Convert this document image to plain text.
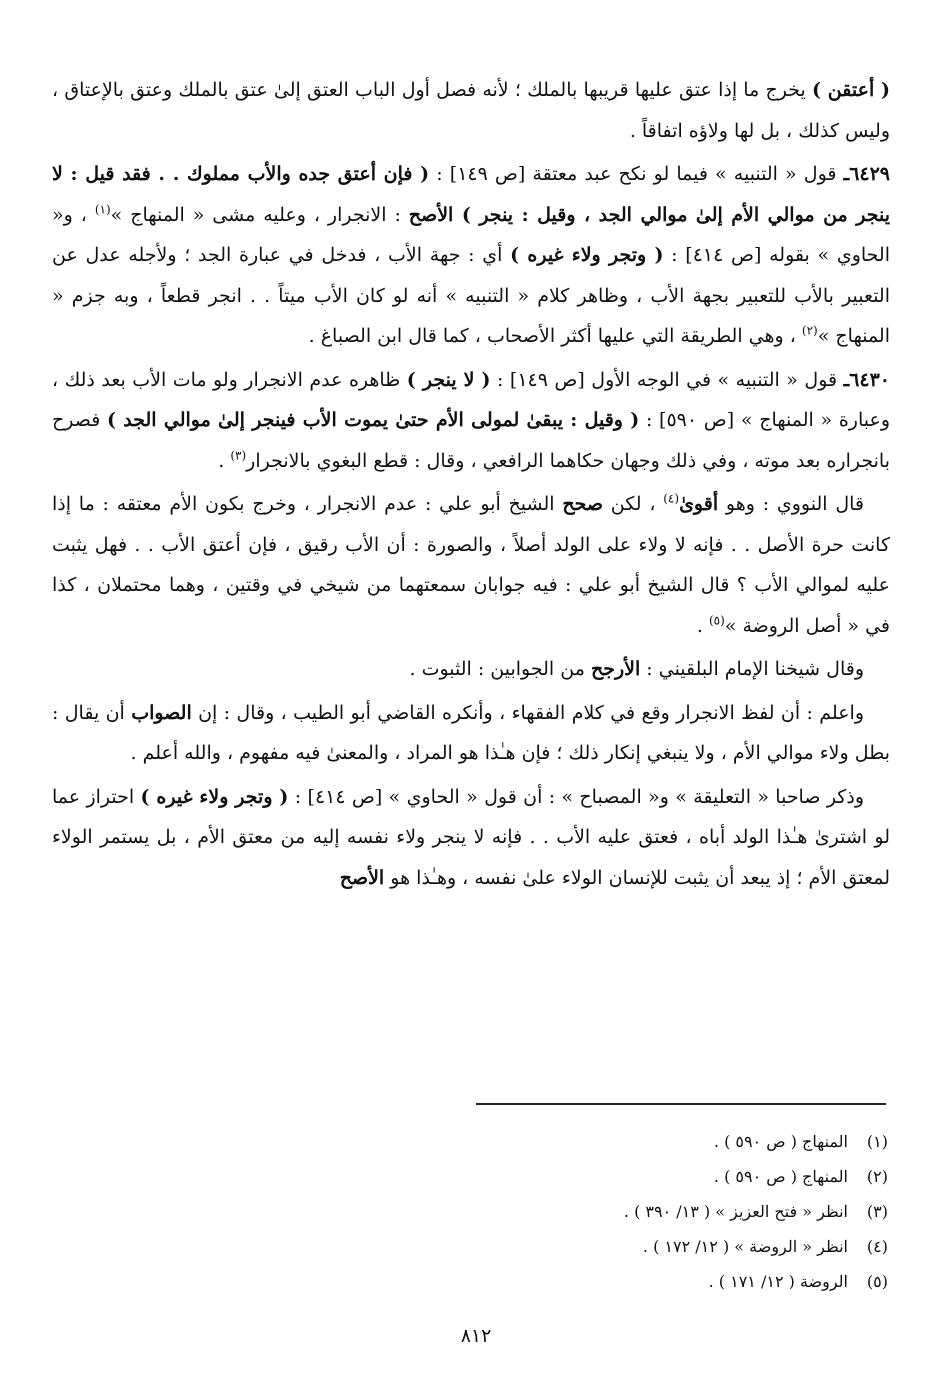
( أعتقن ) يخرج ما إذا عتق عليها قريبها بالملك ؛ لأنه فصل أول الباب العتق إلىٰ عتق بالملك وعتق بالإعتاق ، وليس كذلك ، بل لها ولاؤه اتفاقاً .

٦٤٢٩ـ قول « التنبيه » فيما لو نكح عبد معتقة [ص ١٤٩] : ( فإن أعتق جده والأب مملوك . . فقد قيل : لا ينجر من موالي الأم إلىٰ موالي الجد ، وقيل : ينجر ) الأصح : الانجرار ، وعليه مشى « المنهاج »$^{(١)}$ ، و« الحاوي » بقوله [ص ٤١٤] : ( وتجر ولاء غيره ) أي : جهة الأب ، فدخل في عبارة الجد ؛ ولأجله عدل عن التعبير بالأب للتعبير بجهة الأب ، وظاهر كلام « التنبيه » أنه لو كان الأب ميتاً . . انجر قطعاً ، وبه جزم « المنهاج »$^{(٢)}$ ، وهي الطريقة التي عليها أكثر الأصحاب ، كما قال ابن الصباغ .

٦٤٣٠ـ قول « التنبيه » في الوجه الأول [ص ١٤٩] : ( لا ينجر ) ظاهره عدم الانجرار ولو مات الأب بعد ذلك ، وعبارة « المنهاج » [ص ٥٩٠] : ( وقيل : يبقىٰ لمولى الأم حتىٰ يموت الأب فينجر إلىٰ موالي الجد ) فصرح بانجراره بعد موته ، وفي ذلك وجهان حكاهما الرافعي ، وقال : قطع البغوي بالانجرار$^{(٣)}$ .

قال النووي : وهو أقوىٰ$^{(٤)}$ ، لكن صحح الشيخ أبو علي : عدم الانجرار ، وخرج بكون الأم معتقه : ما إذا كانت حرة الأصل . . فإنه لا ولاء على الولد أصلاً ، والصورة : أن الأب رقيق ، فإن أعتق الأب . . فهل يثبت عليه لموالي الأب ؟ قال الشيخ أبو علي : فيه جوابان سمعتهما من شيخي في وقتين ، وهما محتملان ، كذا في « أصل الروضة »$^{(٥)}$ .

وقال شيخنا الإمام البلقيني : الأرجح من الجوابين : الثبوت .

واعلم : أن لفظ الانجرار وقع في كلام الفقهاء ، وأنكره القاضي أبو الطيب ، وقال : إن الصواب أن يقال : بطل ولاء موالي الأم ، ولا ينبغي إنكار ذلك ؛ فإن هـٰذا هو المراد ، والمعنىٰ فيه مفهوم ، والله أعلم .

وذكر صاحبا « التعليقة » و« المصباح » : أن قول « الحاوي » [ص ٤١٤] : ( وتجر ولاء غيره ) احتراز عما لو اشترىٰ هـٰذا الولد أباه ، فعتق عليه الأب . . فإنه لا ينجر ولاء نفسه إليه من معتق الأم ، بل يستمر الولاء لمعتق الأم ؛ إذ يبعد أن يثبت للإنسان الولاء علىٰ نفسه ، وهـٰذا هو الأصح

(١)
المنهاج ( ص ٥٩٠ ) .
(٢)
المنهاج ( ص ٥٩٠ ) .
(٣)
انظر « فتح العزيز » ( ١٣/ ٣٩٠ ) .
(٤)
انظر « الروضة » ( ١٢/ ١٧٢ ) .
(٥)
الروضة ( ١٢/ ١٧١ ) .
٨١٢
